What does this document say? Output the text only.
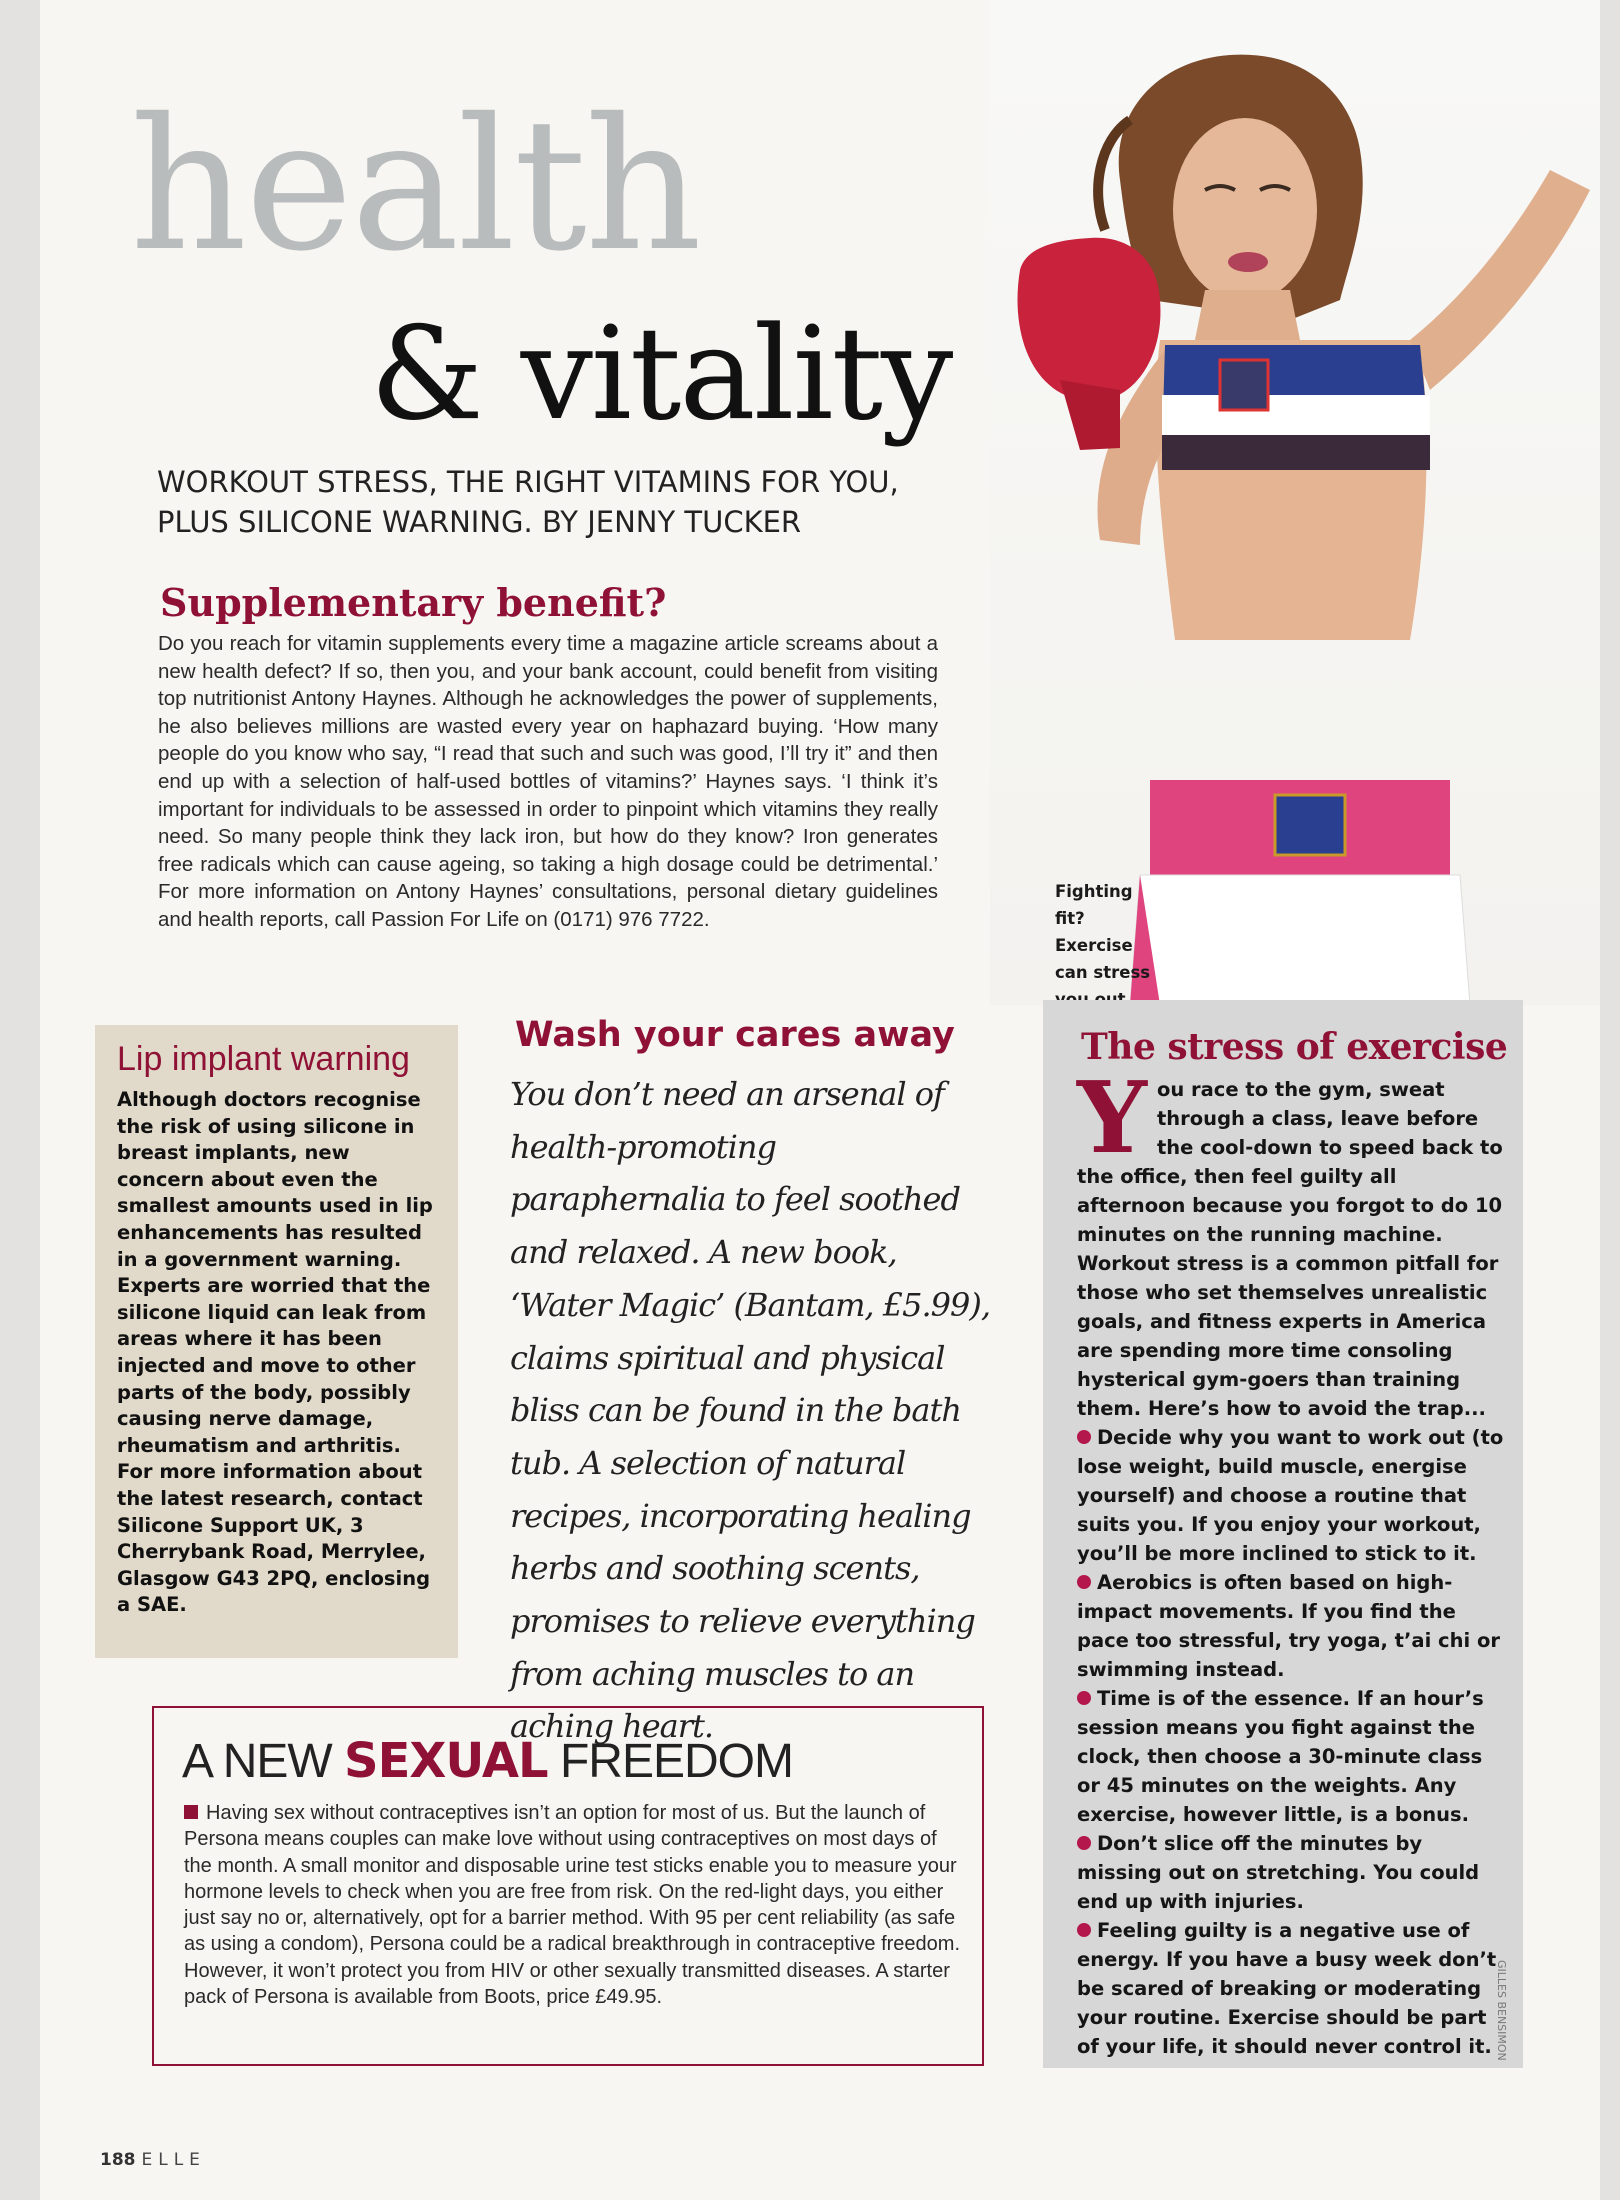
health
& vitality
WORKOUT STRESS, THE RIGHT VITAMINS FOR YOU, PLUS SILICONE WARNING. BY JENNY TUCKER
Supplementary benefit?
Do you reach for vitamin supplements every time a magazine article screams about a new health defect? If so, then you, and your bank account, could benefit from visiting top nutritionist Antony Haynes. Although he acknowledges the power of supplements, he also believes millions are wasted every year on haphazard buying. ‘How many people do you know who say, “I read that such and such was good, I’ll try it” and then end up with a selection of half-used bottles of vitamins?’ Haynes says. ‘I think it’s important for individuals to be assessed in order to pinpoint which vitamins they really need. So many people think they lack iron, but how do they know? Iron generates free radicals which can cause ageing, so taking a high dosage could be detrimental.’ For more information on Antony Haynes’ consultations, personal dietary guidelines and health reports, call Passion For Life on (0171) 976 7722.
Fighting fit? Exercise can stress
Lip implant warning
Although doctors recognise the risk of using silicone in breast implants, new concern about even the smallest amounts used in lip enhancements has resulted in a government warning. Experts are worried that the silicone liquid can leak from areas where it has been injected and move to other parts of the body, possibly causing nerve damage, rheumatism and arthritis.
For more information about the latest research, contact Silicone Support UK, 3 Cherrybank Road, Merrylee, Glasgow G43 2PQ, enclosing a SAE.
Wash your cares away
You don’t need an arsenal of health-promoting paraphernalia to feel soothed and relaxed. A new book, ‘Water Magic’ (Bantam, £5.99), claims spiritual and physical bliss can be found in the bath tub. A selection of natural recipes, incorporating healing herbs and soothing scents, promises to relieve everything from aching muscles to an aching heart.
A NEW SEXUAL FREEDOM
Having sex without contraceptives isn’t an option for most of us. But the launch of Persona means couples can make love without using contraceptives on most days of the month. A small monitor and disposable urine test sticks enable you to measure your hormone levels to check when you are free from risk. On the red-light days, you either just say no or, alternatively, opt for a barrier method. With 95 per cent reliability (as safe as using a condom), Persona could be a radical breakthrough in contraceptive freedom. However, it won’t protect you from HIV or other sexually transmitted diseases. A starter pack of Persona is available from Boots, price £49.95.
The stress of exercise
You race to the gym, sweat through a class, leave before the cool-down to speed back to the office, then feel guilty all afternoon because you forgot to do 10 minutes on the running machine. Workout stress is a common pitfall for those who set themselves unrealistic goals, and fitness experts in America are spending more time consoling hysterical gym-goers than training them. Here’s how to avoid the trap...
Decide why you want to work out (to lose weight, build muscle, energise yourself) and choose a routine that suits you. If you enjoy your workout, you’ll be more inclined to stick to it.
Aerobics is often based on high-impact movements. If you find the pace too stressful, try yoga, t’ai chi or swimming instead.
Time is of the essence. If an hour’s session means you fight against the clock, then choose a 30-minute class or 45 minutes on the weights. Any exercise, however little, is a bonus.
Don’t slice off the minutes by missing out on stretching. You could end up with injuries.
Feeling guilty is a negative use of energy. If you have a busy week don’t be scared of breaking or moderating your routine. Exercise should be part of your life, it should never control it. GILLES BENSIMON
188 ELLE
